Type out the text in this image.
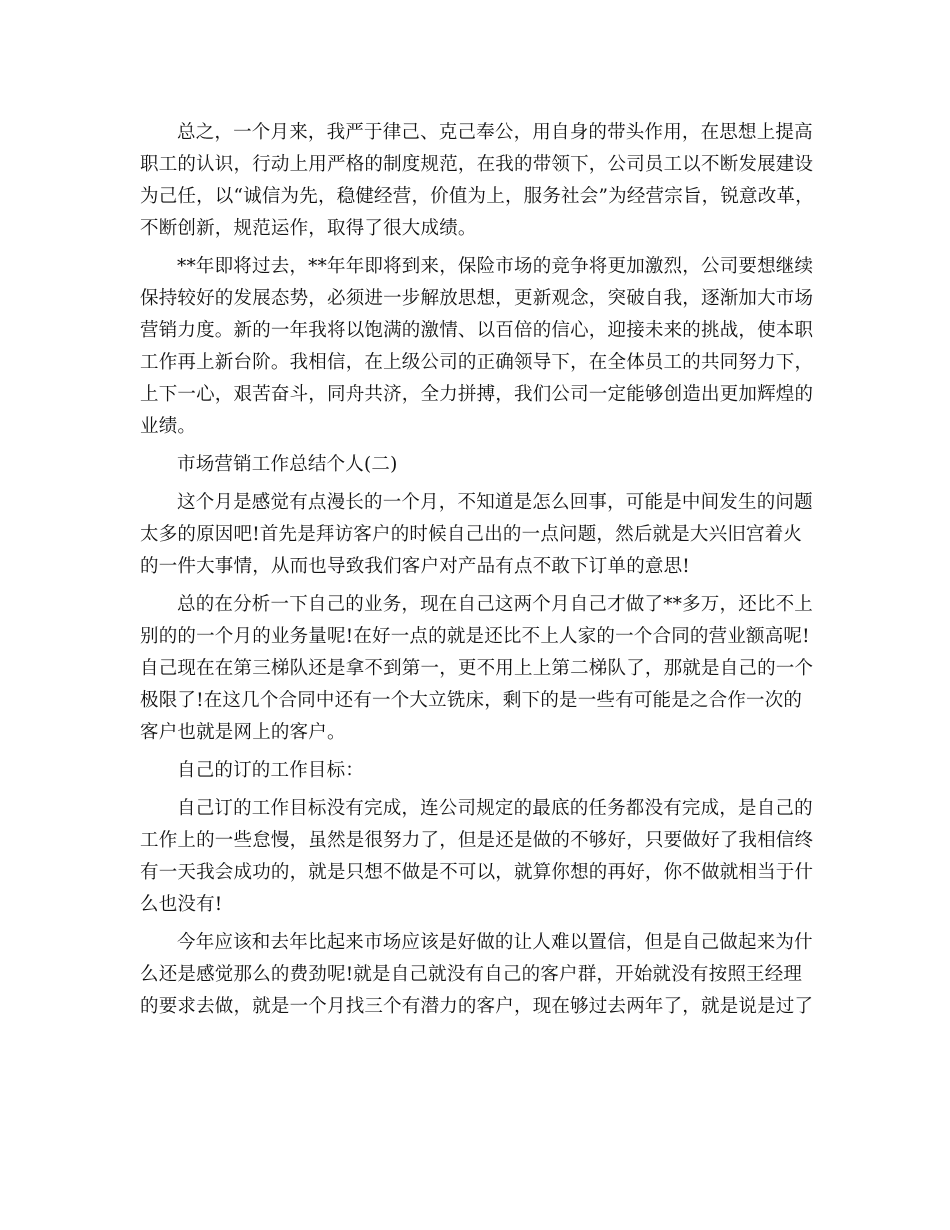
总之，一个月来，我严于律己、克己奉公，用自身的带头作用，在思想上提高
职工的认识，行动上用严格的制度规范，在我的带领下，公司员工以不断发展建设
为己任，以“诚信为先，稳健经营，价值为上，服务社会”为经营宗旨，锐意改革，
不断创新，规范运作，取得了很大成绩。
**年即将过去，**年年即将到来，保险市场的竞争将更加激烈，公司要想继续
保持较好的发展态势，必须进一步解放思想，更新观念，突破自我，逐渐加大市场
营销力度。新的一年我将以饱满的激情、以百倍的信心，迎接未来的挑战，使本职
工作再上新台阶。我相信，在上级公司的正确领导下，在全体员工的共同努力下，
上下一心，艰苦奋斗，同舟共济，全力拼搏，我们公司一定能够创造出更加辉煌的
业绩。
市场营销工作总结个人(二)
这个月是感觉有点漫长的一个月，不知道是怎么回事，可能是中间发生的问题
太多的原因吧!首先是拜访客户的时候自己出的一点问题，然后就是大兴旧宫着火
的一件大事情，从而也导致我们客户对产品有点不敢下订单的意思!
总的在分析一下自己的业务，现在自己这两个月自己才做了**多万，还比不上
别的的一个月的业务量呢!在好一点的就是还比不上人家的一个合同的营业额高呢!
自己现在在第三梯队还是拿不到第一，更不用上上第二梯队了，那就是自己的一个
极限了!在这几个合同中还有一个大立铣床，剩下的是一些有可能是之合作一次的
客户也就是网上的客户。
自己的订的工作目标：
自己订的工作目标没有完成，连公司规定的最底的任务都没有完成，是自己的
工作上的一些怠慢，虽然是很努力了，但是还是做的不够好，只要做好了我相信终
有一天我会成功的，就是只想不做是不可以，就算你想的再好，你不做就相当于什
么也没有!
今年应该和去年比起来市场应该是好做的让人难以置信，但是自己做起来为什
么还是感觉那么的费劲呢!就是自己就没有自己的客户群，开始就没有按照王经理
的要求去做，就是一个月找三个有潜力的客户，现在够过去两年了，就是说是过了
